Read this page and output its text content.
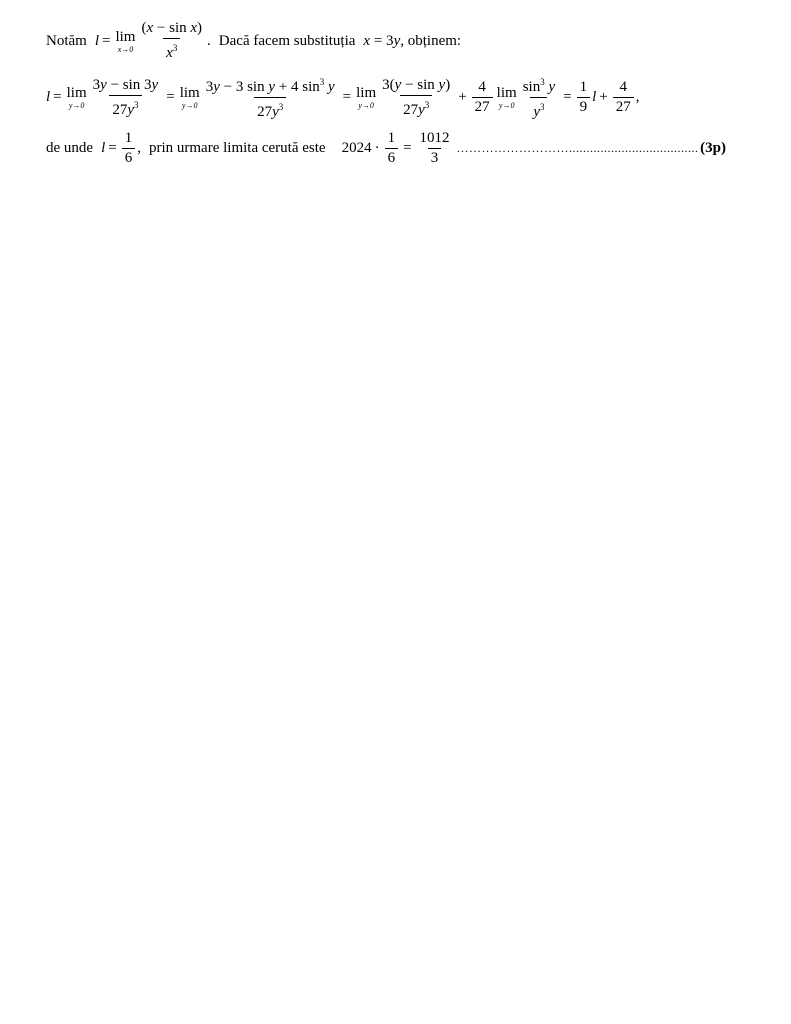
Notăm l = lim
$x\to 0 \frac{\text{(x − sin x)}}{x^3}$ . Dacă facem substituția x = 3y , obținem:
l = lim
$y\to 0 \frac{3y - \sin 3y}{27y^3} = \lim$
$y\to 0 \frac{3y - 3 \sin y + 4 \sin^3 y}{27y^3} = \lim$
$y\to 0 \frac{\text{3(y − sin y)}}{27y^3} + \frac{4}{27}$ lim
$y\to 0 \frac{\sin^3 y}{y^3} = \frac{1}{9}$ $l + \frac{4}{27}$ ,
de unde $l = \frac{1}{6}$ , prin urmare limita cerută este $2024 \cdot \frac{1}{6} = \frac{1012}{3}$ ………………………..................................... (3p)
